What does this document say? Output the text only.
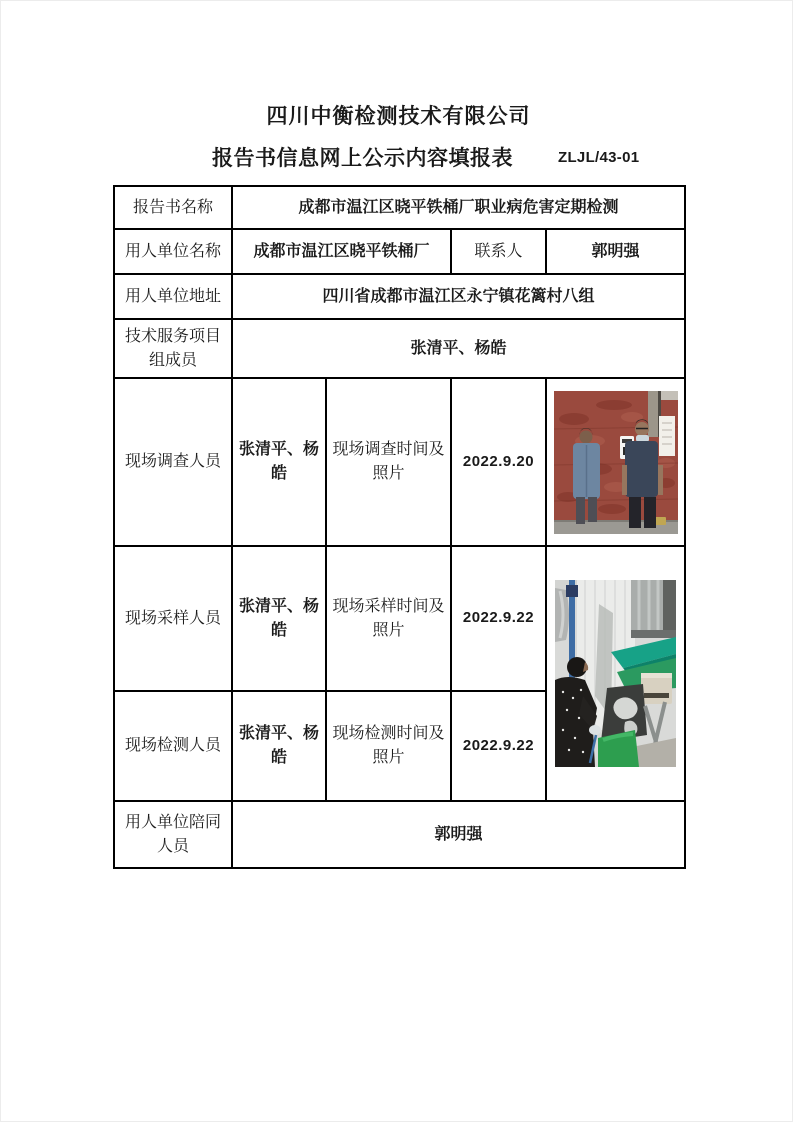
四川中衡检测技术有限公司
报告书信息网上公示内容填报表	ZLJL/43-01
报告书名称	成都市温江区晓平铁桶厂职业病危害定期检测			
用人单位名称	成都市温江区晓平铁桶厂		联系人	郭明强
用人单位地址	四川省成都市温江区永宁镇花篱村八组			
技术服务项目组成员	张清平、杨皓			
现场调查人员	张清平、杨皓	现场调查时间及照片	2022.9.20	

现场采样人员	张清平、杨皓	现场采样时间及照片	2022.9.22	

现场检测人员	张清平、杨皓	现场检测时间及照片	2022.9.22	
用人单位陪同人员	郭明强			
